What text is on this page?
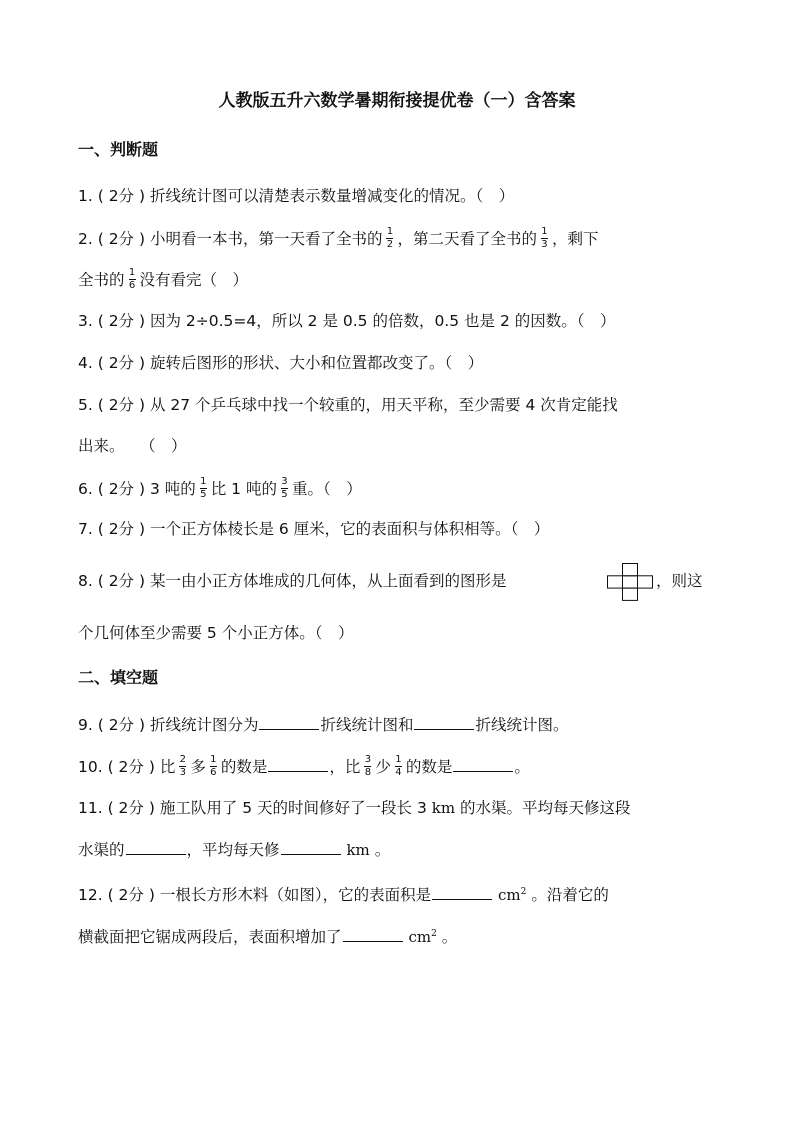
人教版五升六数学暑期衔接提优卷（一）含答案
一、判断题
1. ( 2分 ) 折线统计图可以清楚表示数量增减变化的情况。（　）
2. ( 2分 ) 小明看一本书，第一天看了全书的 $\frac{1}{2}$ ，第二天看了全书的 $\frac{1}{3}$ ，剩下
全书的 $\frac{1}{6}$ 没有看完（　）
3. ( 2分 ) 因为 2÷0.5=4，所以 2 是 0.5 的倍数，0.5 也是 2 的因数。（　）
4. ( 2分 ) 旋转后图形的形状、大小和位置都改变了。（　）
5. ( 2分 ) 从 27 个乒乓球中找一个较重的，用天平称，至少需要 4 次肯定能找
出来。　　（　）
6. ( 2分 ) 3 吨的 $\frac{1}{5}$ 比 1 吨的 $\frac{3}{5}$ 重。（　）
7. ( 2分 ) 一个正方体棱长是 6 厘米，它的表面积与体积相等。（　）
8. ( 2分 ) 某一由小正方体堆成的几何体，从上面看到的图形是	，则这
个几何体至少需要 5 个小正方体。（　）
二、填空题
9. ( 2分 ) 折线统计图分为	折线统计图和	折线统计图。
10. ( 2分 ) 比 $\frac{2}{3}$ 多 $\frac{1}{6}$ 的数是	，比 $\frac{3}{8}$ 少 $\frac{1}{4}$ 的数是	。
11. ( 2分 ) 施工队用了 5 天的时间修好了一段长 3 km 的水渠。平均每天修这段
水渠的	，平均每天修	km 。
12. ( 2分 ) 一根长方形木料（如图），它的表面积是	$cm^2$ 。沿着它的
横截面把它锯成两段后，表面积增加了	$cm^2$ 。
